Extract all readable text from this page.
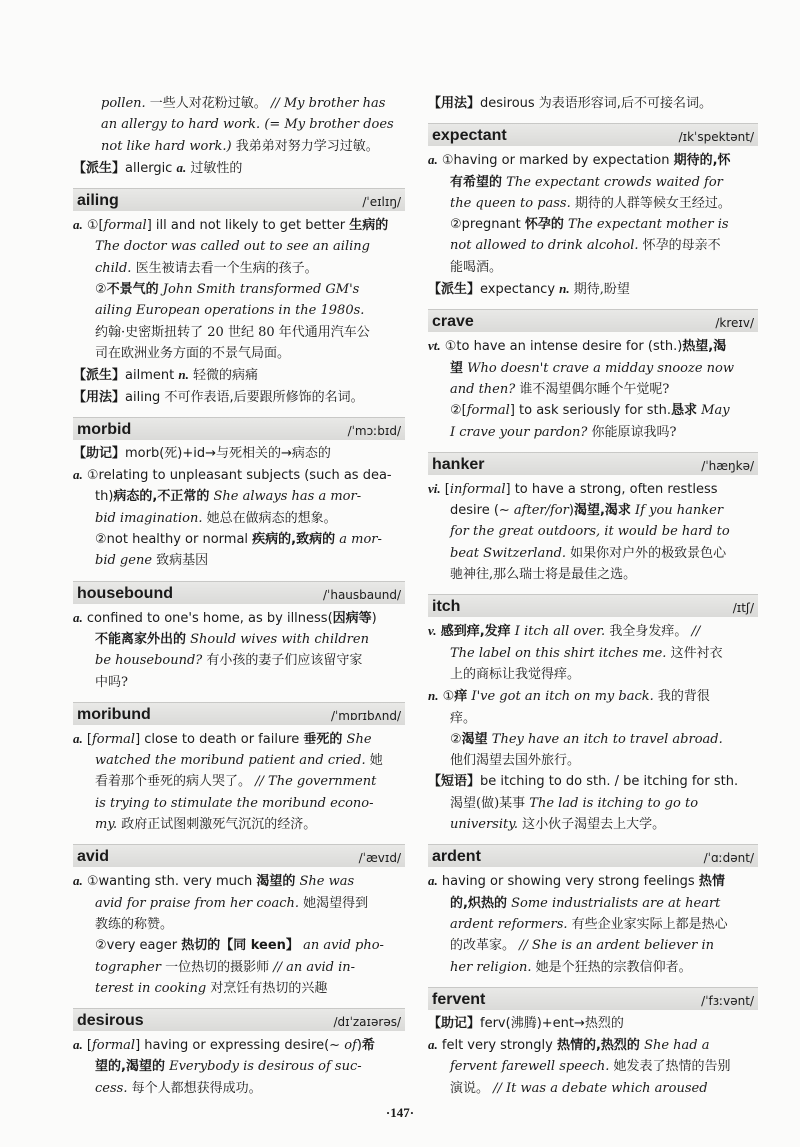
pollen. 一些人对花粉过敏。 // My brother has
an allergy to hard work. (= My brother does
not like hard work.) 我弟弟对努力学习过敏。
【派生】allergic a. 过敏性的
ailing	/ˈeɪlɪŋ/
a. ①[formal] ill and not likely to get better 生病的
The doctor was called out to see an ailing
child. 医生被请去看一个生病的孩子。
②不景气的 John Smith transformed GM's
ailing European operations in the 1980s.
约翰·史密斯扭转了 20 世纪 80 年代通用汽车公
司在欧洲业务方面的不景气局面。
【派生】ailment n. 轻微的病痛
【用法】ailing 不可作表语,后要跟所修饰的名词。
morbid	/ˈmɔːbɪd/
【助记】morb(死)+id→与死相关的→病态的
a. ①relating to unpleasant subjects (such as dea-
th)病态的,不正常的 She always has a mor-
bid imagination. 她总在做病态的想象。
②not healthy or normal 疾病的,致病的 a mor-
bid gene 致病基因
housebound	/ˈhausbaund/
a. confined to one's home, as by illness(因病等)
不能离家外出的 Should wives with children
be housebound? 有小孩的妻子们应该留守家
中吗?
moribund	/ˈmɒrɪbʌnd/
a. [formal] close to death or failure 垂死的 She
watched the moribund patient and cried. 她
看着那个垂死的病人哭了。 // The government
is trying to stimulate the moribund econo-
my. 政府正试图刺激死气沉沉的经济。
avid	/ˈævɪd/
a. ①wanting sth. very much 渴望的 She was
avid for praise from her coach. 她渴望得到
教练的称赞。
②very eager 热切的【同 keen】 an avid pho-
tographer 一位热切的摄影师 // an avid in-
terest in cooking 对烹饪有热切的兴趣
desirous	/dɪˈzaɪərəs/
a. [formal] having or expressing desire(~ of)希
望的,渴望的 Everybody is desirous of suc-
cess. 每个人都想获得成功。
【用法】desirous 为表语形容词,后不可接名词。
expectant	/ɪkˈspektənt/
a. ①having or marked by expectation 期待的,怀
有希望的 The expectant crowds waited for
the queen to pass. 期待的人群等候女王经过。
②pregnant 怀孕的 The expectant mother is
not allowed to drink alcohol. 怀孕的母亲不
能喝酒。
【派生】expectancy n. 期待,盼望
crave	/kreɪv/
vt. ①to have an intense desire for (sth.)热望,渴
望 Who doesn't crave a midday snooze now
and then? 谁不渴望偶尔睡个午觉呢?
②[formal] to ask seriously for sth.恳求 May
I crave your pardon? 你能原谅我吗?
hanker	/ˈhæŋkə/
vi. [informal] to have a strong, often restless
desire (~ after/for)渴望,渴求 If you hanker
for the great outdoors, it would be hard to
beat Switzerland. 如果你对户外的极致景色心
驰神往,那么瑞士将是最佳之选。
itch	/ɪtʃ/
v. 感到痒,发痒 I itch all over. 我全身发痒。 //
The label on this shirt itches me. 这件衬衣
上的商标让我觉得痒。
n. ①痒 I've got an itch on my back. 我的背很
痒。
②渴望 They have an itch to travel abroad.
他们渴望去国外旅行。
【短语】be itching to do sth. / be itching for sth.
渴望(做)某事 The lad is itching to go to
university. 这小伙子渴望去上大学。
ardent	/ˈɑːdənt/
a. having or showing very strong feelings 热情
的,炽热的 Some industrialists are at heart
ardent reformers. 有些企业家实际上都是热心
的改革家。 // She is an ardent believer in
her religion. 她是个狂热的宗教信仰者。
fervent	/ˈfɜːvənt/
【助记】ferv(沸腾)+ent→热烈的
a. felt very strongly 热情的,热烈的 She had a
fervent farewell speech. 她发表了热情的告别
演说。 // It was a debate which aroused
·147·
